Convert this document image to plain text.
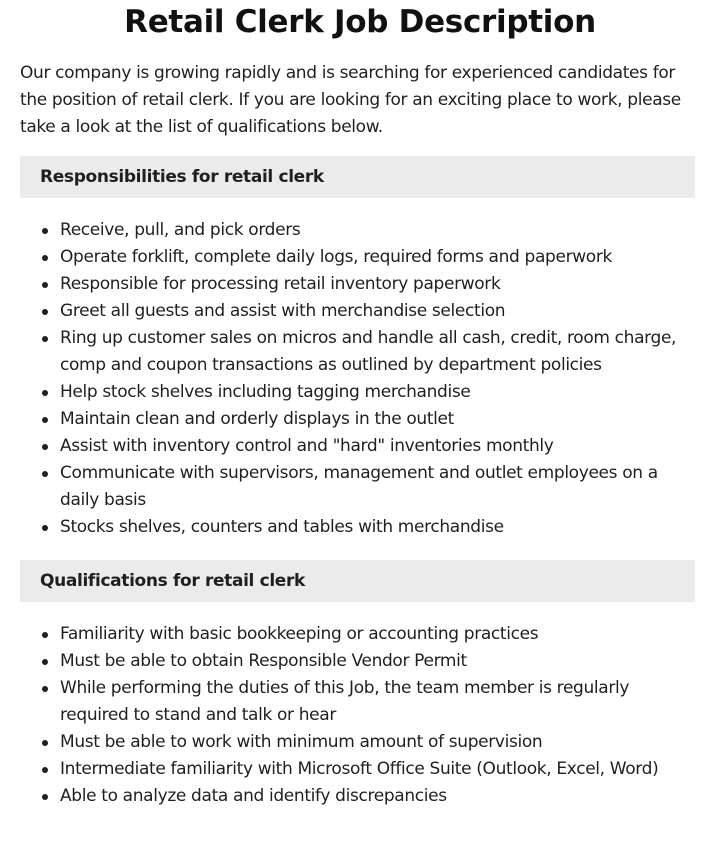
Retail Clerk Job Description

Our company is growing rapidly and is searching for experienced candidates for the position of retail clerk. If you are looking for an exciting place to work, please take a look at the list of qualifications below.

Responsibilities for retail clerk
Receive, pull, and pick orders
Operate forklift, complete daily logs, required forms and paperwork
Responsible for processing retail inventory paperwork
Greet all guests and assist with merchandise selection
Ring up customer sales on micros and handle all cash, credit, room charge, comp and coupon transactions as outlined by department policies
Help stock shelves including tagging merchandise
Maintain clean and orderly displays in the outlet
Assist with inventory control and "hard" inventories monthly
Communicate with supervisors, management and outlet employees on a daily basis
Stocks shelves, counters and tables with merchandise
Qualifications for retail clerk
Familiarity with basic bookkeeping or accounting practices
Must be able to obtain Responsible Vendor Permit
While performing the duties of this Job, the team member is regularly required to stand and talk or hear
Must be able to work with minimum amount of supervision
Intermediate familiarity with Microsoft Office Suite (Outlook, Excel, Word)
Able to analyze data and identify discrepancies
